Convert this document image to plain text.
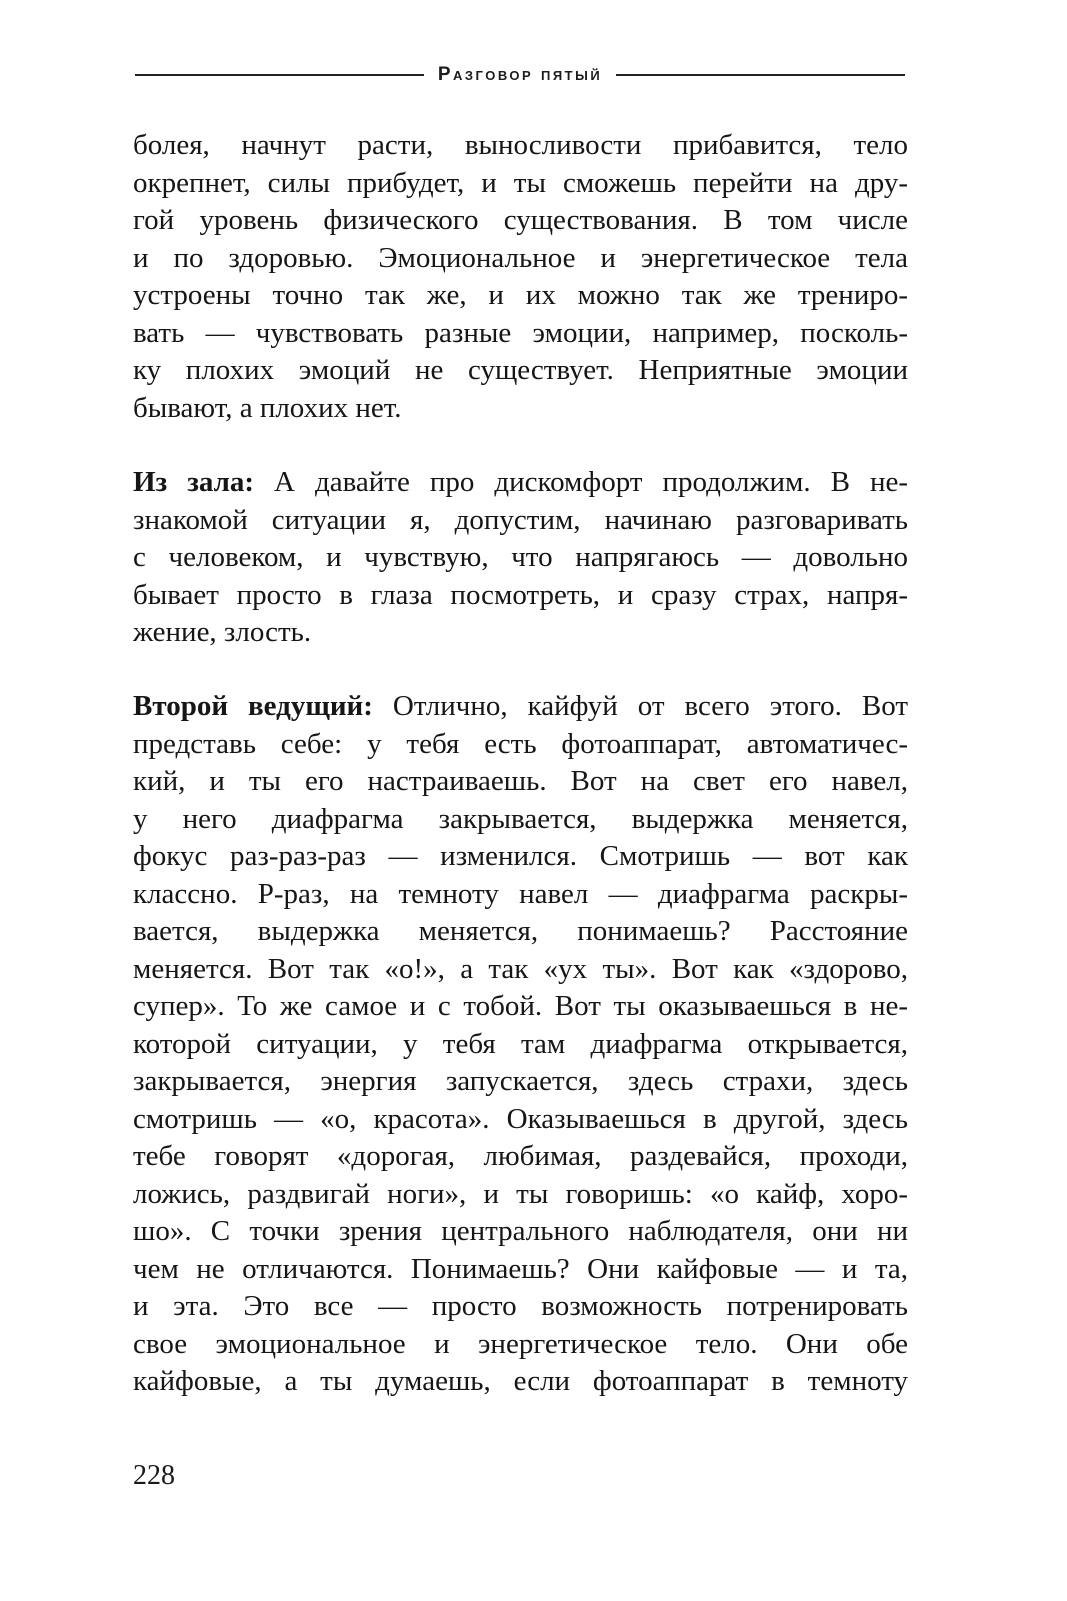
Разговор пятый
болея, начнут расти, выносливости прибавится, тело
окрепнет, силы прибудет, и ты сможешь перейти на дру-
гой уровень физического существования. В том числе
и по здоровью. Эмоциональное и энергетическое тела
устроены точно так же, и их можно так же трениро-
вать — чувствовать разные эмоции, например, посколь-
ку плохих эмоций не существует. Неприятные эмоции
бывают, а плохих нет.
Из зала: А давайте про дискомфорт продолжим. В не-
знакомой ситуации я, допустим, начинаю разговаривать
с человеком, и чувствую, что напрягаюсь — довольно
бывает просто в глаза посмотреть, и сразу страх, напря-
жение, злость.
Второй ведущий: Отлично, кайфуй от всего этого. Вот
представь себе: у тебя есть фотоаппарат, автоматичес-
кий, и ты его настраиваешь. Вот на свет его навел,
у него диафрагма закрывается, выдержка меняется,
фокус раз-раз-раз — изменился. Смотришь — вот как
классно. Р-раз, на темноту навел — диафрагма раскры-
вается, выдержка меняется, понимаешь? Расстояние
меняется. Вот так «о!», а так «ух ты». Вот как «здорово,
супер». То же самое и с тобой. Вот ты оказываешься в не-
которой ситуации, у тебя там диафрагма открывается,
закрывается, энергия запускается, здесь страхи, здесь
смотришь — «о, красота». Оказываешься в другой, здесь
тебе говорят «дорогая, любимая, раздевайся, проходи,
ложись, раздвигай ноги», и ты говоришь: «о кайф, хоро-
шо». С точки зрения центрального наблюдателя, они ни
чем не отличаются. Понимаешь? Они кайфовые — и та,
и эта. Это все — просто возможность потренировать
свое эмоциональное и энергетическое тело. Они обе
кайфовые, а ты думаешь, если фотоаппарат в темноту
228
